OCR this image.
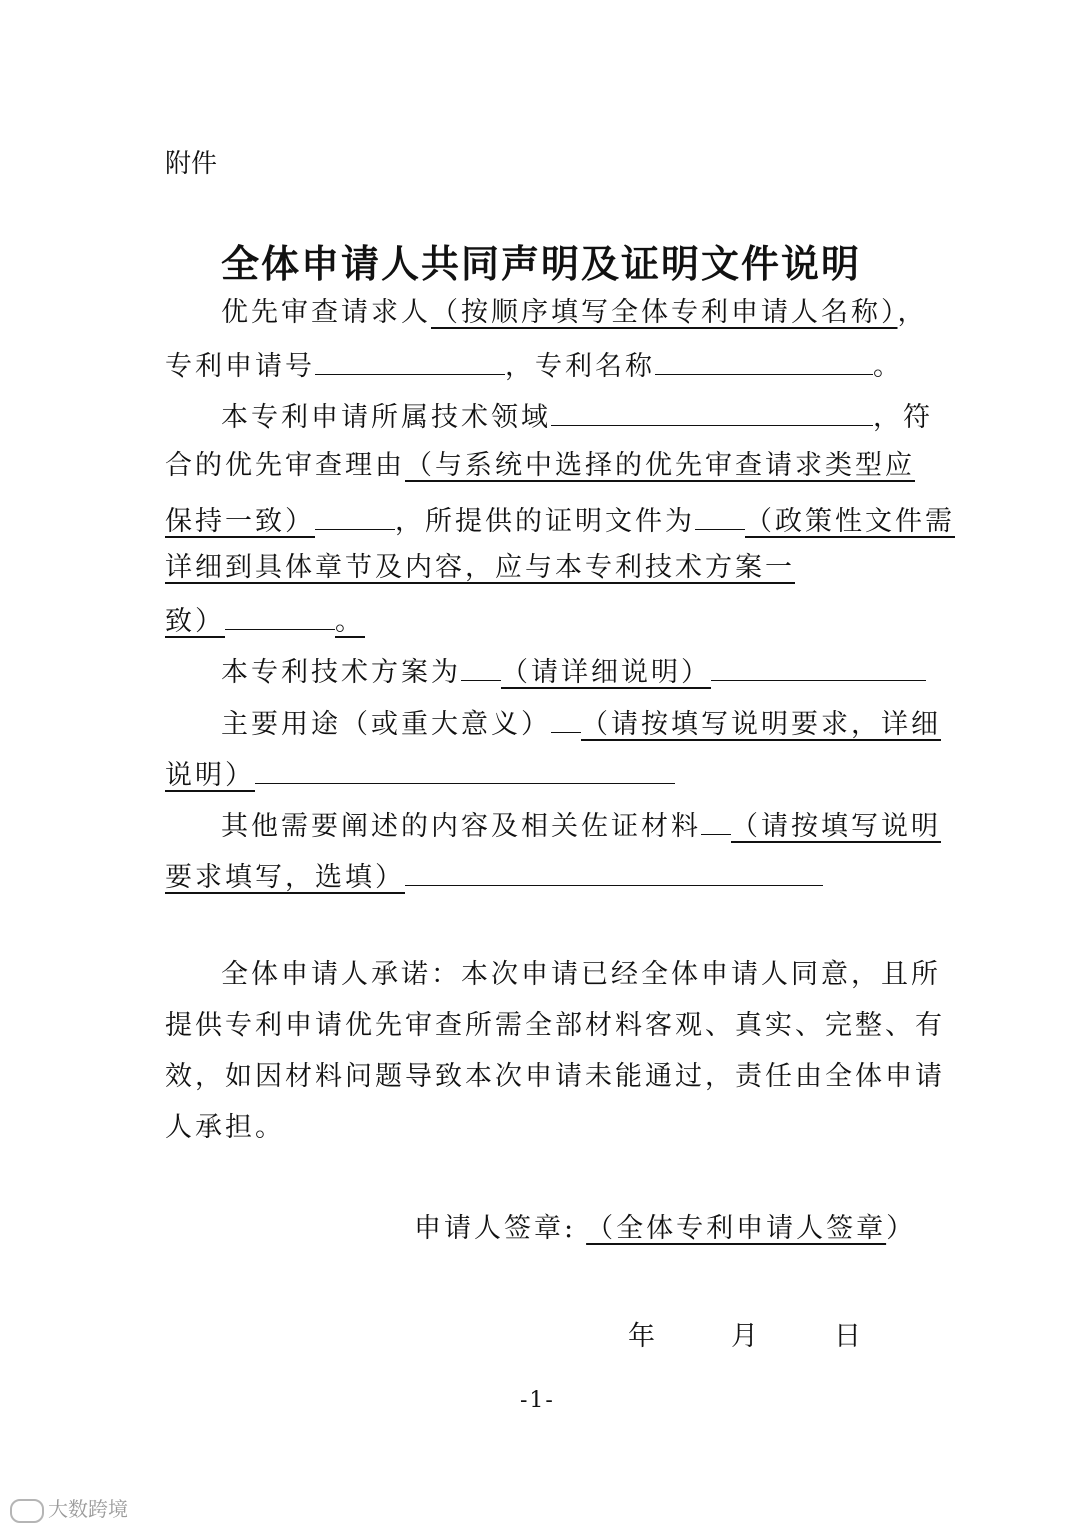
附件
全体申请人共同声明及证明文件说明
优先审查请求人（按顺序填写全体专利申请人名称），
专利申请号	，专利名称	。
本专利申请所属技术领域	，符
合的优先审查理由（与系统中选择的优先审查请求类型应
保持一致）	，所提供的证明文件为 （政策性文件需
详细到具体章节及内容，应与本专利技术方案一
致）	。
本专利技术方案为 （请详细说明）
主要用途（或重大意义） （请按填写说明要求，详细
说明）
其他需要阐述的内容及相关佐证材料 （请按填写说明
要求填写，选填）
全体申请人承诺：本次申请已经全体申请人同意，且所
提供专利申请优先审查所需全部材料客观、真实、完整、有
效，如因材料问题导致本次申请未能通过，责任由全体申请
人承担。
申请人签章: （全体专利申请人签章）
年	月	日
-1-
大数跨境
